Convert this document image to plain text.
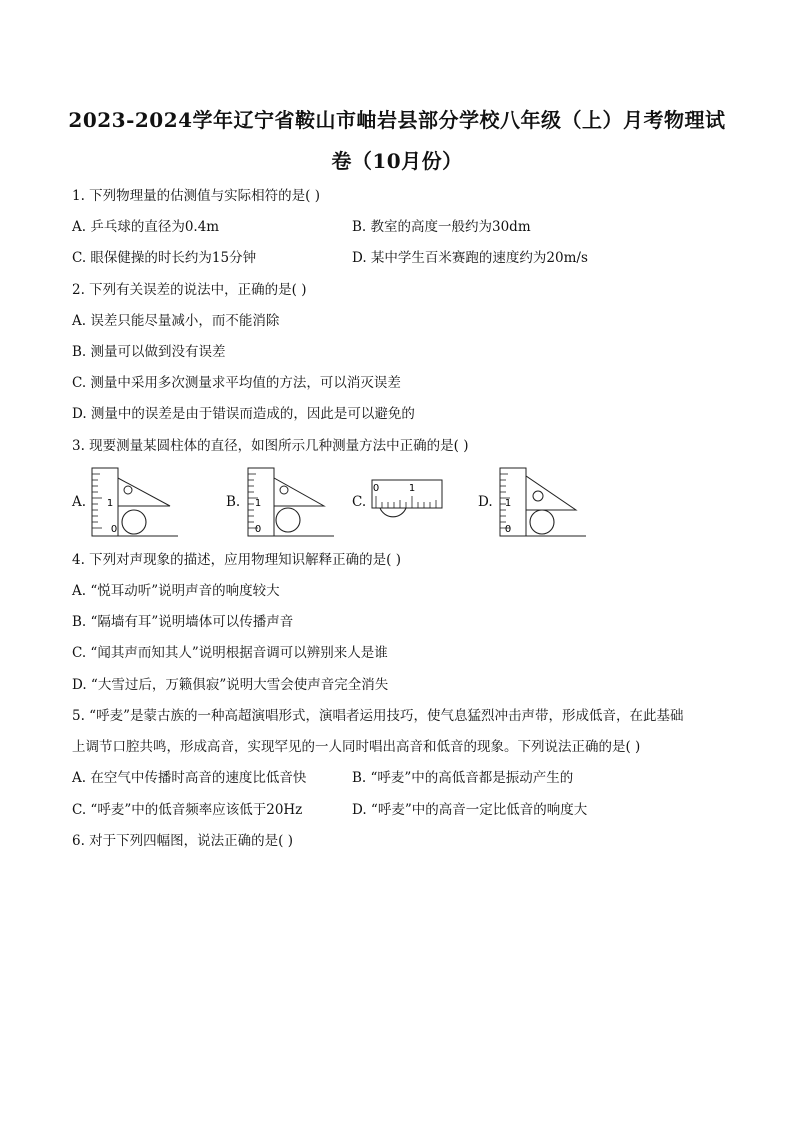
2023-2024学年辽宁省鞍山市岫岩县部分学校八年级（上）月考物理试
卷（10月份）
1. 下列物理量的估测值与实际相符的是( )
A. 乒乓球的直径为0.4m	B. 教室的高度一般约为30dm
C. 眼保健操的时长约为15分钟	D. 某中学生百米赛跑的速度约为20m/s
2. 下列有关误差的说法中，正确的是( )
A. 误差只能尽量减小，而不能消除
B. 测量可以做到没有误差
C. 测量中采用多次测量求平均值的方法，可以消灭误差
D. 测量中的误差是由于错误而造成的，因此是可以避免的
3. 现要测量某圆柱体的直径，如图所示几种测量方法中正确的是( )
A. 1
0
B. 1
0
C.
0	1
D. 1
0
4. 下列对声现象的描述，应用物理知识解释正确的是( )
A. “悦耳动听”说明声音的响度较大
B. “隔墙有耳”说明墙体可以传播声音
C. “闻其声而知其人”说明根据音调可以辨别来人是谁
D. “大雪过后，万籁俱寂”说明大雪会使声音完全消失
5. “呼麦”是蒙古族的一种高超演唱形式，演唱者运用技巧，使气息猛烈冲击声带，形成低音，在此基础
上调节口腔共鸣，形成高音，实现罕见的一人同时唱出高音和低音的现象。下列说法正确的是( )
A. 在空气中传播时高音的速度比低音快	B. “呼麦”中的高低音都是振动产生的
C. “呼麦”中的低音频率应该低于20Hz	D. “呼麦”中的高音一定比低音的响度大
6. 对于下列四幅图，说法正确的是( )
